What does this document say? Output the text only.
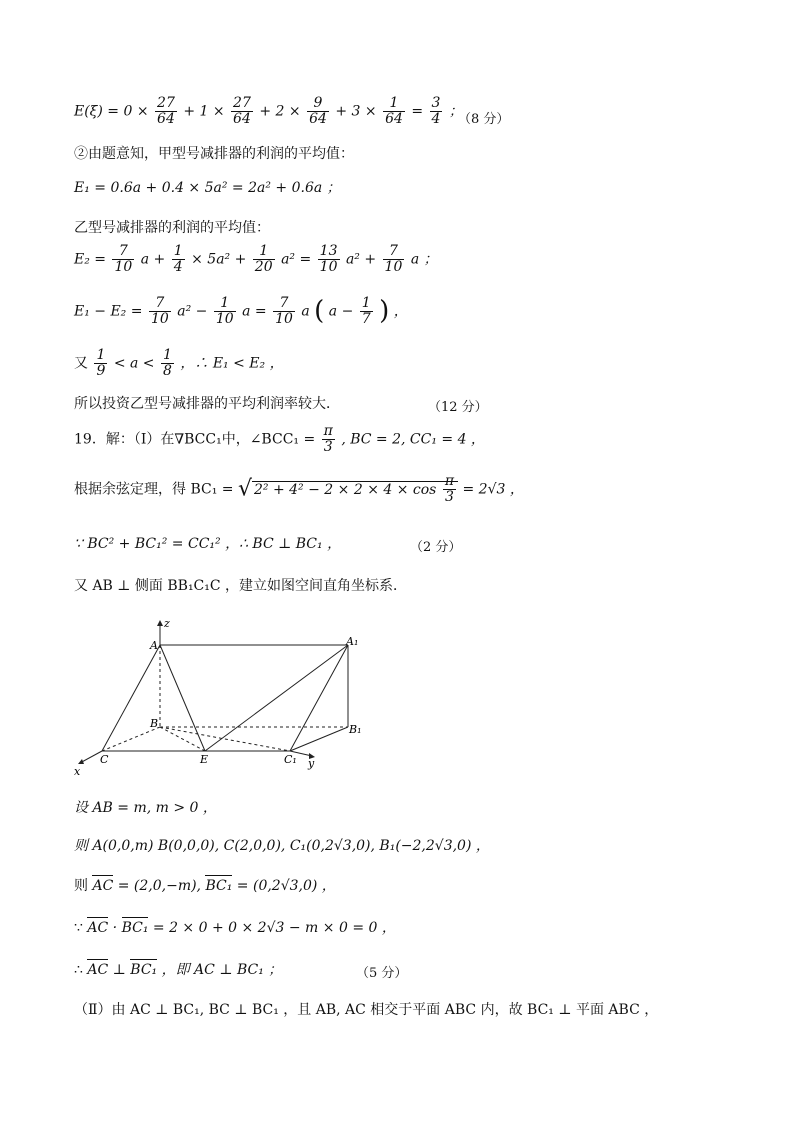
$E(\xi) = 0 \times \frac{27}{64} + 1 \times \frac{27}{64} + 2 \times \frac{9}{64} + 3 \times \frac{1}{64} = \frac{3}{4}$ ；
（8 分）
②由题意知，甲型号减排器的利润的平均值：
E₁ = 0.6a + 0.4 × 5a² = 2a² + 0.6a ；
乙型号减排器的利润的平均值：
$E_2 = \frac{7}{10}$ $a + \frac{1}{4} \times 5a^2 + \frac{1}{20} a^2 = \frac{13}{10} a^2 + \frac{7}{10}$ a ；
$E_1 - E_2 = \frac{7}{10} a^2 - \frac{1}{10}$ $a = \frac{7}{10}$ a ( $a - \frac{1}{7}$ ) ，
又 $\frac{1}{9} < a < \frac{1}{8}$ ，∴ E₁ < E₂ ，
所以投资乙型号减排器的平均利润率较大．	（12 分）
19．解：（Ⅰ）在∇BCC₁中，∠BCC₁ = $\frac{\pi}{3}$ , BC = 2, CC₁ = 4 ，
根据余弦定理，得 BC₁ = √ $2^2 + 4^2 - 2 \times 2 \times 4 \times \cos \frac{\pi}{3} = 2√3$ ，
∵ BC² + BC₁² = CC₁² ，∴ BC ⊥ BC₁ ，	（2 分）
又 AB ⊥ 侧面 BB₁C₁C ，建立如图空间直角坐标系．
z
A	A₁
B	B₁
C	E	C₁ y
x
设 AB = m, m > 0 ，
则 A(0,0,m) B(0,0,0), C(2,0,0), C₁(0,2√3,0), B₁(−2,2√3,0) ，
则 AC = (2,0,−m), BC₁ = (0,2√3,0) ，
∵ AC · BC₁ = 2 × 0 + 0 × 2√3 − m × 0 = 0 ，
∴ AC ⊥ BC₁ ，即 AC ⊥ BC₁ ；	（5 分）
（Ⅱ）由 AC ⊥ BC₁, BC ⊥ BC₁ ，且 AB, AC 相交于平面 ABC 内，故 BC₁ ⊥ 平面 ABC ，
